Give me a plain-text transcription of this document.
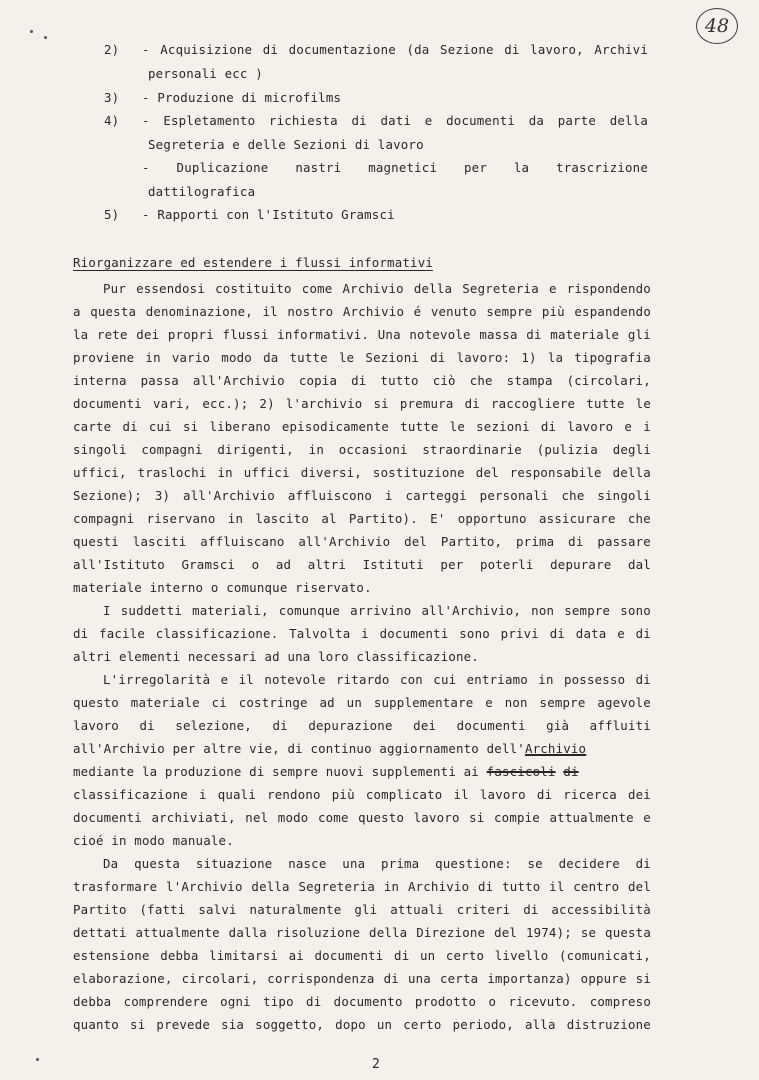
48
2) - Acquisizione di documentazione (da Sezione di lavoro, Archivi
personali ecc )
3) - Produzione di microfilms
4) - Espletamento richiesta di dati e documenti da parte della
Segreteria e delle Sezioni di lavoro
- Duplicazione nastri magnetici per la trascrizione
dattilografica
5) - Rapporti con l'Istituto Gramsci
Riorganizzare ed estendere i flussi informativi
Pur essendosi costituito come Archivio della Segreteria e rispondendo
a questa denominazione, il nostro Archivio é venuto sempre più espandendo
la rete dei propri flussi informativi. Una notevole massa di materiale gli
proviene in vario modo da tutte le Sezioni di lavoro: 1) la tipografia
interna passa all'Archivio copia di tutto ciò che stampa (circolari,
documenti vari, ecc.); 2) l'archivio si premura di raccogliere tutte le
carte di cui si liberano episodicamente tutte le sezioni di lavoro e i
singoli compagni dirigenti, in occasioni straordinarie (pulizia degli
uffici, traslochi in uffici diversi, sostituzione del responsabile della
Sezione); 3) all'Archivio affluiscono i carteggi personali che singoli
compagni riservano in lascito al Partito). E' opportuno assicurare che
questi lasciti affluiscano all'Archivio del Partito, prima di passare
all'Istituto Gramsci o ad altri Istituti per poterli depurare dal
materiale interno o comunque riservato.
I suddetti materiali, comunque arrivino all'Archivio, non sempre sono
di facile classificazione. Talvolta i documenti sono privi di data e di
altri elementi necessari ad una loro classificazione.
L'irregolarità e il notevole ritardo con cui entriamo in possesso di
questo materiale ci costringe ad un supplementare e non sempre agevole
lavoro di selezione, di depurazione dei documenti già affluiti
all'Archivio per altre vie, di continuo aggiornamento dell'Archivio
mediante la produzione di sempre nuovi supplementi ai fascicoli di
classificazione i quali rendono più complicato il lavoro di ricerca dei
documenti archiviati, nel modo come questo lavoro si compie attualmente e
cioé in modo manuale.
Da questa situazione nasce una prima questione: se decidere di
trasformare l'Archivio della Segreteria in Archivio di tutto il centro del
Partito (fatti salvi naturalmente gli attuali criteri di accessibilità
dettati attualmente dalla risoluzione della Direzione del 1974); se questa
estensione debba limitarsi ai documenti di un certo livello (comunicati,
elaborazione, circolari, corrispondenza di una certa importanza) oppure si
debba comprendere ogni tipo di documento prodotto o ricevuto. compreso
quanto si prevede sia soggetto, dopo un certo periodo, alla distruzione
2
